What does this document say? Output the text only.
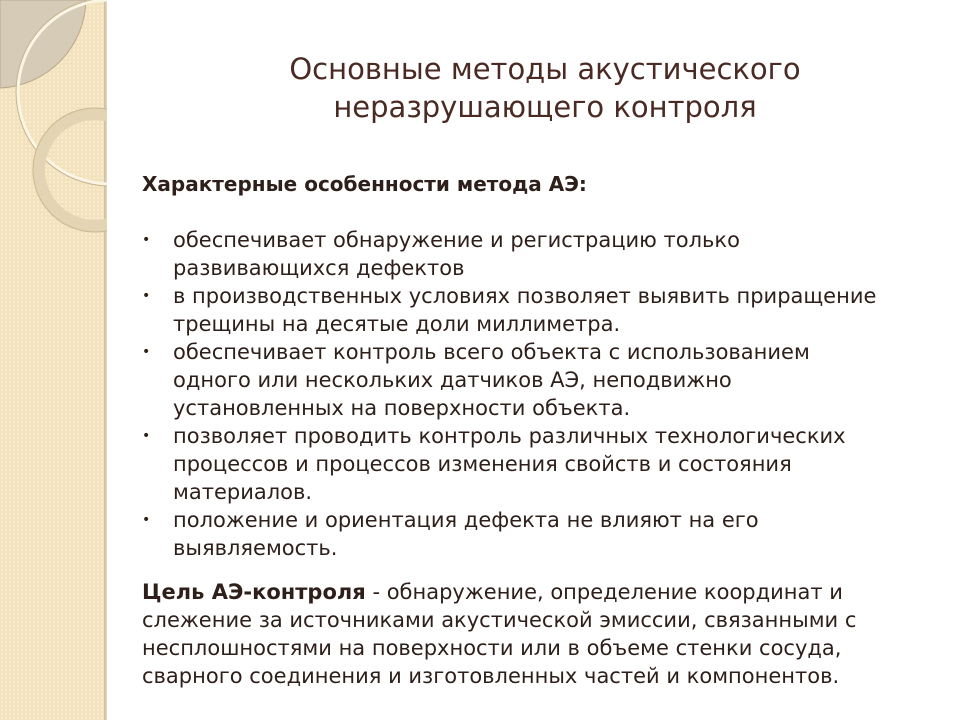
Основные методы акустического
неразрушающего контроля
Характерные особенности метода АЭ:
• обеспечивает обнаружение и регистрацию только развивающихся дефектов
• в производственных условиях позволяет выявить приращение трещины на десятые доли миллиметра.
• обеспечивает контроль всего объекта с использованием одного или нескольких датчиков АЭ, неподвижно установленных на поверхности объекта.
• позволяет проводить контроль различных технологических процессов и процессов изменения свойств и состояния материалов.
• положение и ориентация дефекта не влияют на его выявляемость.
Цель АЭ-контроля - обнаружение, определение координат и слежение за источниками акустической эмиссии, связанными с несплошностями на поверхности или в объеме стенки сосуда, сварного соединения и изготовленных частей и компонентов.
